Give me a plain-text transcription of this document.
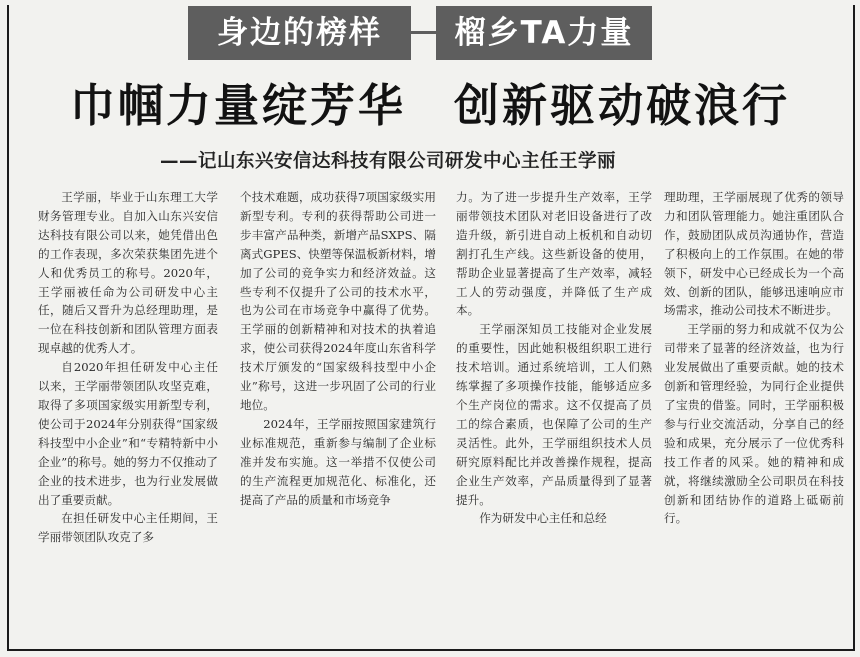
身边的榜样	榴乡TA力量
巾帼力量绽芳华　创新驱动破浪行
——记山东兴安信达科技有限公司研发中心主任王学丽

王学丽，毕业于山东理工大学财务管理专业。自加入山东兴安信达科技有限公司以来，她凭借出色的工作表现，多次荣获集团先进个人和优秀员工的称号。2020年，王学丽被任命为公司研发中心主任，随后又晋升为总经理助理，是一位在科技创新和团队管理方面表现卓越的优秀人才。

自2020年担任研发中心主任以来，王学丽带领团队攻坚克难，取得了多项国家级实用新型专利，使公司于2024年分别获得“国家级科技型中小企业”和“专精特新中小企业”的称号。她的努力不仅推动了企业的技术进步，也为行业发展做出了重要贡献。

在担任研发中心主任期间，王学丽带领团队攻克了多

个技术难题，成功获得7项国家级实用新型专利。专利的获得帮助公司进一步丰富产品种类，新增产品SXPS、隔离式GPES、快塑等保温板新材料，增加了公司的竞争实力和经济效益。这些专利不仅提升了公司的技术水平，也为公司在市场竞争中赢得了优势。王学丽的创新精神和对技术的执着追求，使公司获得2024年度山东省科学技术厅颁发的“国家级科技型中小企业”称号，这进一步巩固了公司的行业地位。

2024年，王学丽按照国家建筑行业标准规范，重新参与编制了企业标准并发布实施。这一举措不仅使公司的生产流程更加规范化、标准化，还提高了产品的质量和市场竞争

力。为了进一步提升生产效率，王学丽带领技术团队对老旧设备进行了改造升级，新引进自动上板机和自动切割打孔生产线。这些新设备的使用，帮助企业显著提高了生产效率，减轻工人的劳动强度，并降低了生产成本。

王学丽深知员工技能对企业发展的重要性，因此她积极组织职工进行技术培训。通过系统培训，工人们熟练掌握了多项操作技能，能够适应多个生产岗位的需求。这不仅提高了员工的综合素质，也保障了公司的生产灵活性。此外，王学丽组织技术人员研究原料配比并改善操作规程，提高企业生产效率，产品质量得到了显著提升。

作为研发中心主任和总经

理助理，王学丽展现了优秀的领导力和团队管理能力。她注重团队合作，鼓励团队成员沟通协作，营造了积极向上的工作氛围。在她的带领下，研发中心已经成长为一个高效、创新的团队，能够迅速响应市场需求，推动公司技术不断进步。

王学丽的努力和成就不仅为公司带来了显著的经济效益，也为行业发展做出了重要贡献。她的技术创新和管理经验，为同行企业提供了宝贵的借鉴。同时，王学丽积极参与行业交流活动，分享自己的经验和成果，充分展示了一位优秀科技工作者的风采。她的精神和成就，将继续激励全公司职员在科技创新和团结协作的道路上砥砺前行。
